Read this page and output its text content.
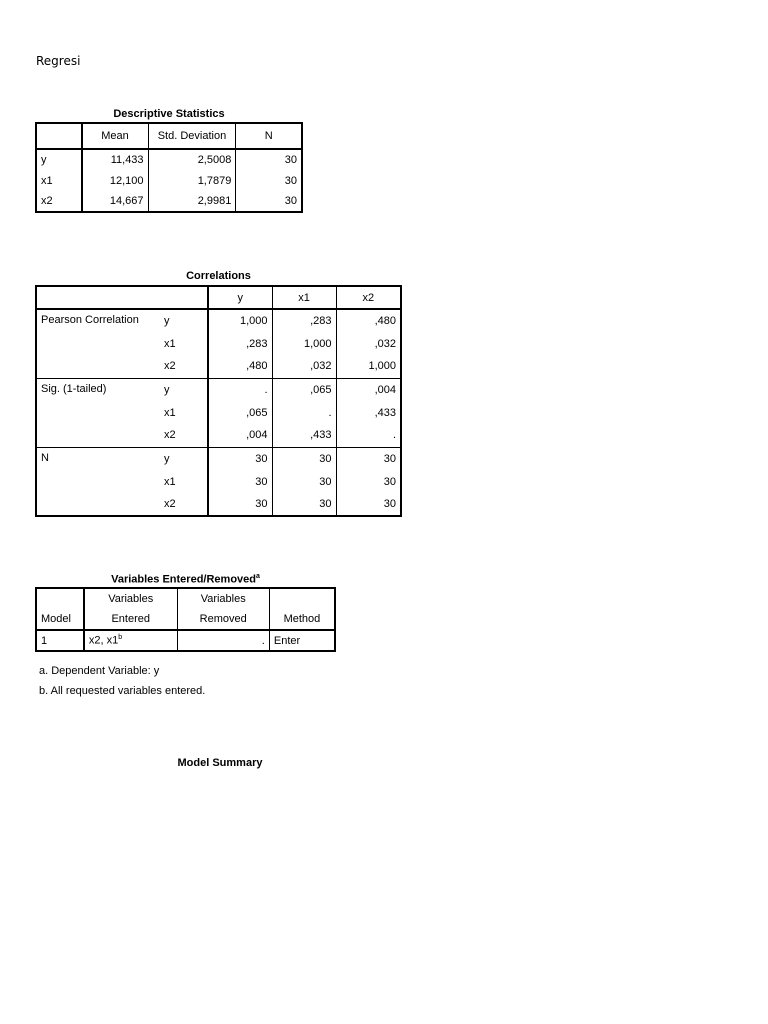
Regresi
Descriptive Statistics
	Mean	Std. Deviation	N
y	11,433	2,5008	30
x1	12,100	1,7879	30
x2	14,667	2,9981	30
Correlations
		y	x1	x2
Pearson Correlation	y	1,000	,283	,480
	x1	,283	1,000	,032
	x2	,480	,032	1,000
Sig. (1-tailed)	y	.	,065	,004
	x1	,065	.	,433
	x2	,004	,433	.
N	y	30	30	30
	x1	30	30	30
	x2	30	30	30
Variables Entered/Removed$^a$
	Variables	Variables	
Model	Entered	Removed	Method
1	x2, x1$^b$	.	Enter
a. Dependent Variable: y
b. All requested variables entered.
Model Summary
